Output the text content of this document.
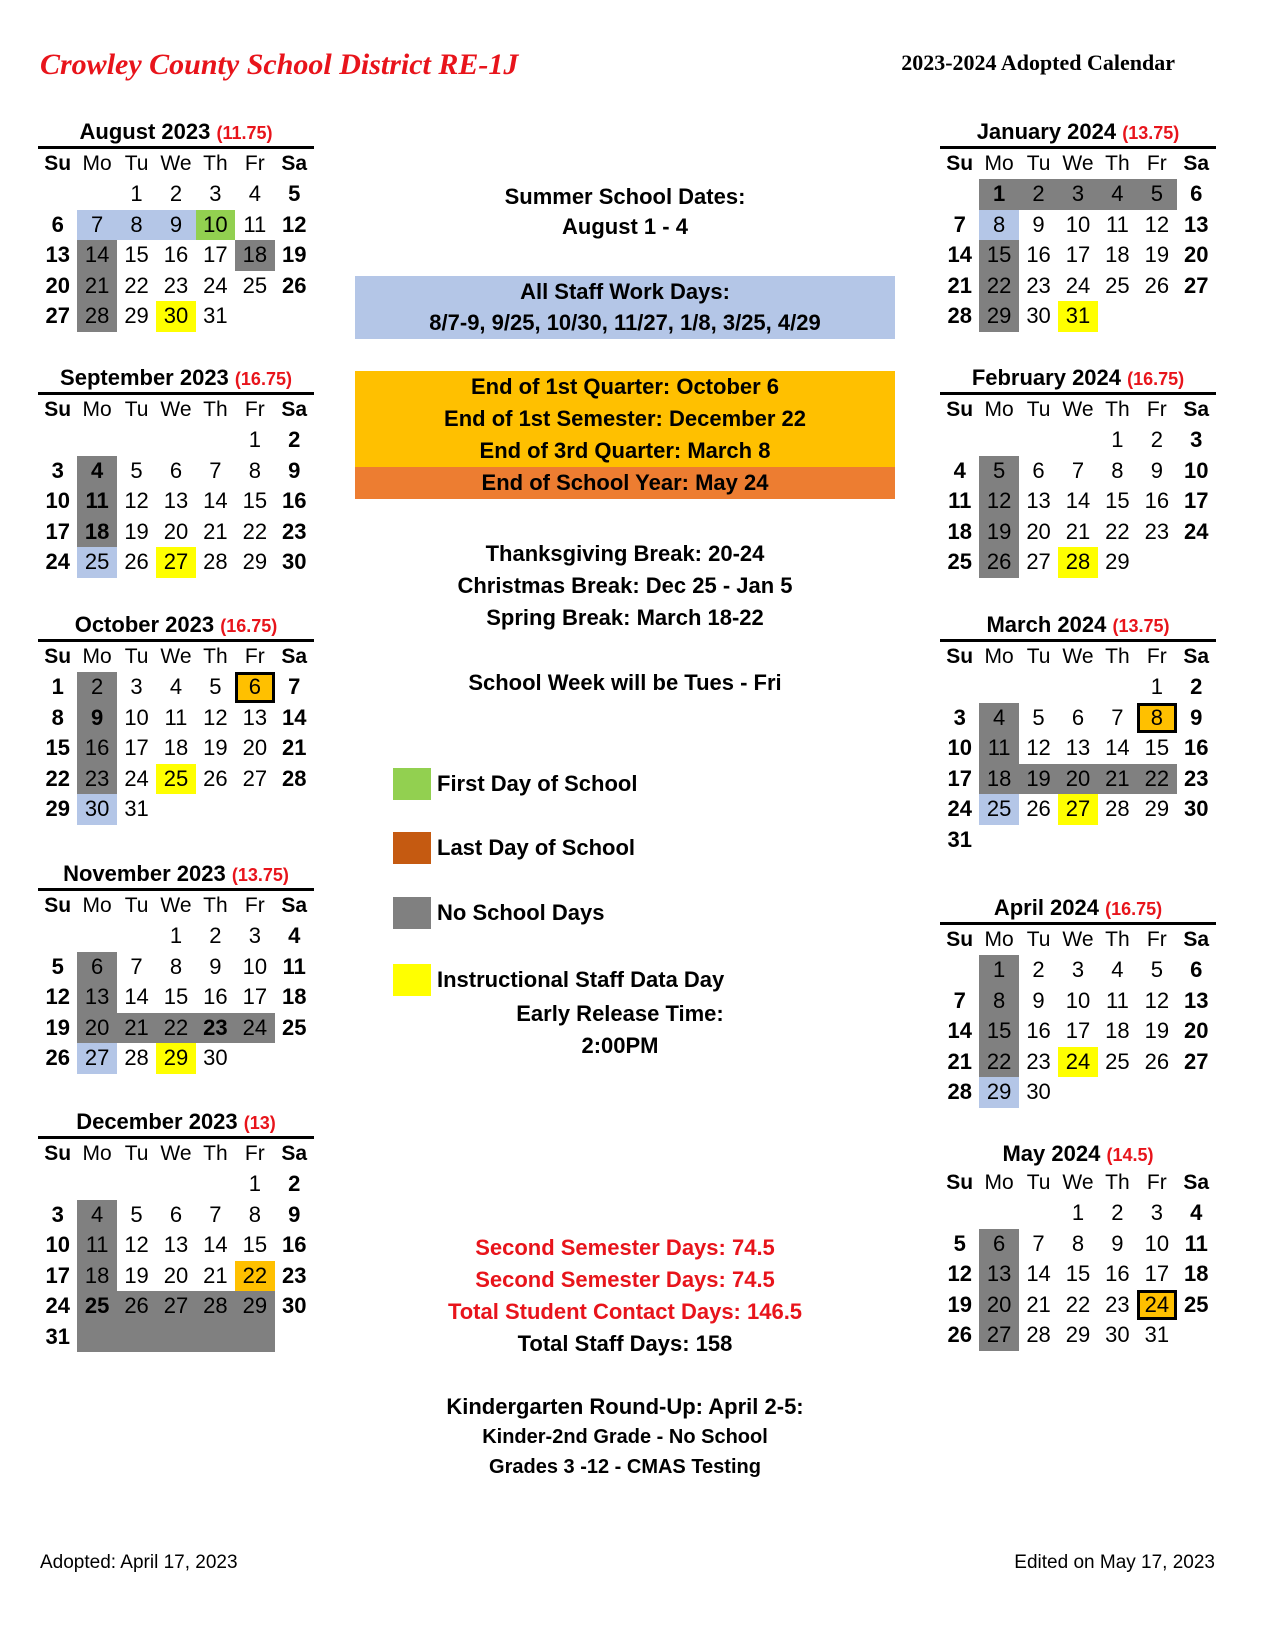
Crowley County School District RE-1J	2023-2024 Adopted Calendar
August 2023 (11.75)
Su	Mo	Tu	We	Th	Fr	Sa
		1	2	3	4	5
6	7	8	9	10	11	12
13	14	15	16	17	18	19
20	21	22	23	24	25	26
27	28	29	30	31		
September 2023 (16.75)
Su	Mo	Tu	We	Th	Fr	Sa
					1	2
3	4	5	6	7	8	9
10	11	12	13	14	15	16
17	18	19	20	21	22	23
24	25	26	27	28	29	30
October 2023 (16.75)
Su	Mo	Tu	We	Th	Fr	Sa
1	2	3	4	5	6	7
8	9	10	11	12	13	14
15	16	17	18	19	20	21
22	23	24	25	26	27	28
29	30	31				
November 2023 (13.75)
Su	Mo	Tu	We	Th	Fr	Sa
			1	2	3	4
5	6	7	8	9	10	11
12	13	14	15	16	17	18
19	20	21	22	23	24	25
26	27	28	29	30		
December 2023 (13)
Su	Mo	Tu	We	Th	Fr	Sa
					1	2
3	4	5	6	7	8	9
10	11	12	13	14	15	16
17	18	19	20	21	22	23
24	25	26	27	28	29	30
31						
January 2024 (13.75)
Su	Mo	Tu	We	Th	Fr	Sa
	1	2	3	4	5	6
7	8	9	10	11	12	13
14	15	16	17	18	19	20
21	22	23	24	25	26	27
28	29	30	31			
February 2024 (16.75)
Su	Mo	Tu	We	Th	Fr	Sa
				1	2	3
4	5	6	7	8	9	10
11	12	13	14	15	16	17
18	19	20	21	22	23	24
25	26	27	28	29		
March 2024 (13.75)
Su	Mo	Tu	We	Th	Fr	Sa
					1	2
3	4	5	6	7	8	9
10	11	12	13	14	15	16
17	18	19	20	21	22	23
24	25	26	27	28	29	30
31						
April 2024 (16.75)
Su	Mo	Tu	We	Th	Fr	Sa
	1	2	3	4	5	6
7	8	9	10	11	12	13
14	15	16	17	18	19	20
21	22	23	24	25	26	27
28	29	30				
May 2024 (14.5)
Su	Mo	Tu	We	Th	Fr	Sa
			1	2	3	4
5	6	7	8	9	10	11
12	13	14	15	16	17	18
19	20	21	22	23	24	25
26	27	28	29	30	31	
Summer School Dates:
August 1 - 4
All Staff Work Days:
8/7-9, 9/25, 10/30, 11/27, 1/8, 3/25, 4/29
End of 1st Quarter: October 6
End of 1st Semester: December 22
End of 3rd Quarter: March 8
End of School Year: May 24
Thanksgiving Break: 20-24
Christmas Break: Dec 25 - Jan 5
Spring Break: March 18-22
School Week will be Tues - Fri
First Day of School
Last Day of School
No School Days
Instructional Staff Data Day
Early Release Time:
2:00PM
Second Semester Days: 74.5
Second Semester Days: 74.5
Total Student Contact Days: 146.5
Total Staff Days: 158
Kindergarten Round-Up: April 2-5:
Kinder-2nd Grade - No School
Grades 3 -12 - CMAS Testing
Adopted: April 17, 2023	Edited on May 17, 2023
